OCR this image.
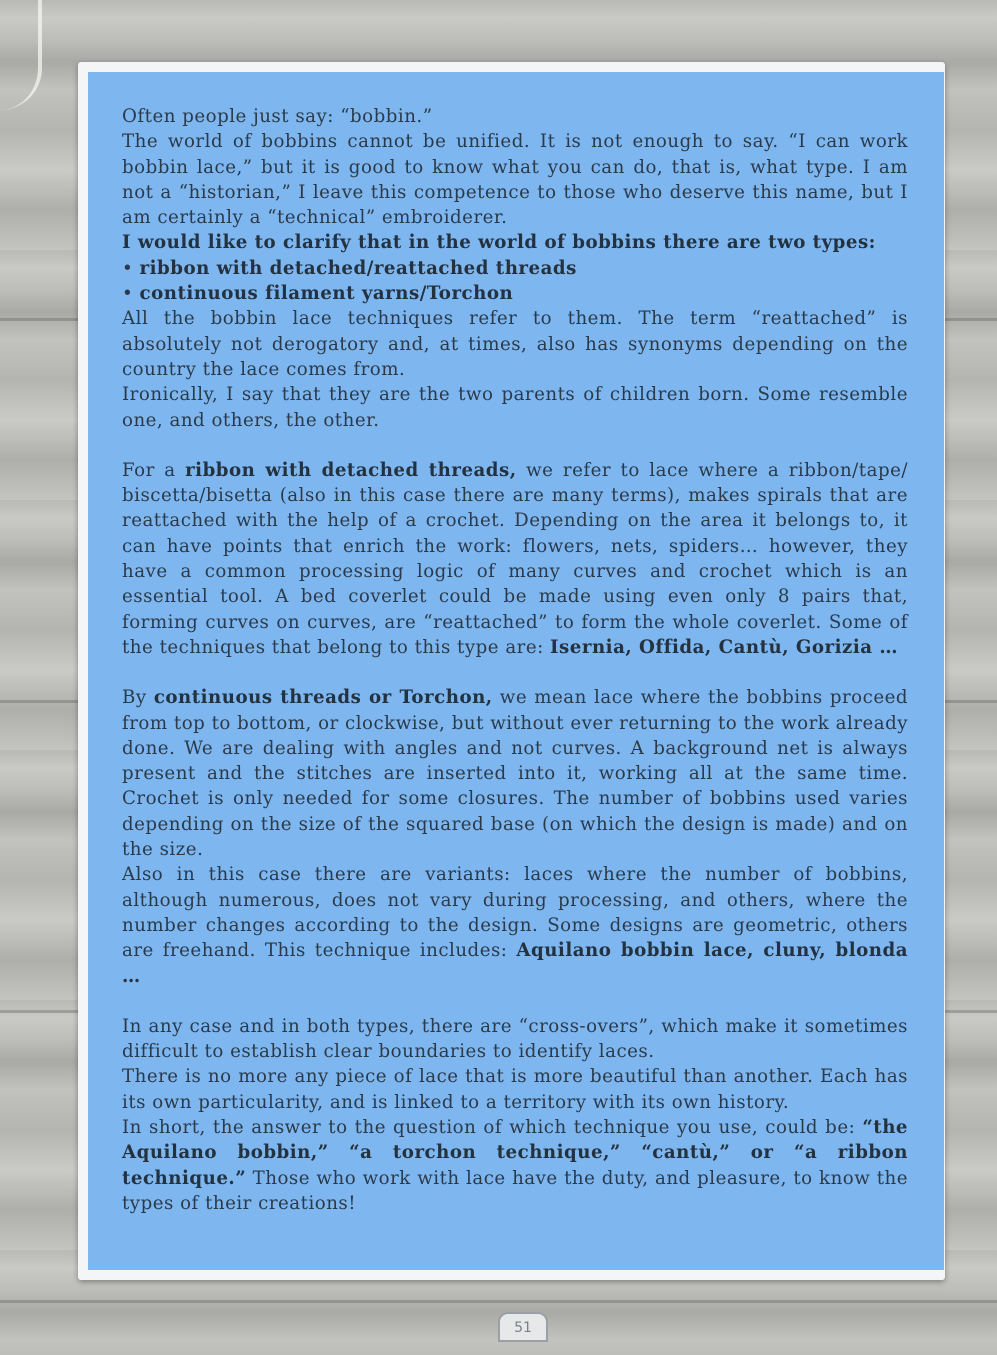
Often people just say: “bobbin.”

The world of bobbins cannot be unified. It is not enough to say. “I can work bobbin lace,” but it is good to know what you can do, that is, what type. I am not a “historian,” I leave this competence to those who deserve this name, but I am certainly a “technical” embroiderer.

I would like to clarify that in the world of bobbins there are two types:

• ribbon with detached/reattached threads

• continuous filament yarns/Torchon

All the bobbin lace techniques refer to them. The term “reattached” is absolutely not derogatory and, at times, also has synonyms depending on the country the lace comes from.

Ironically, I say that they are the two parents of children born. Some resemble one, and others, the other.

For a ribbon with detached threads, we refer to lace where a ribbon/tape/ biscetta/bisetta (also in this case there are many terms), makes spirals that are reattached with the help of a crochet. Depending on the area it belongs to, it can have points that enrich the work: flowers, nets, spiders… however, they have a common processing logic of many curves and crochet which is an essential tool. A bed coverlet could be made using even only 8 pairs that, forming curves on curves, are “reattached” to form the whole coverlet. Some of the techniques that belong to this type are: Isernia, Offida, Cantù, Gorizia …

By continuous threads or Torchon, we mean lace where the bobbins proceed from top to bottom, or clockwise, but without ever returning to the work already done. We are dealing with angles and not curves. A background net is always present and the stitches are inserted into it, working all at the same time. Crochet is only needed for some closures. The number of bobbins used varies depending on the size of the squared base (on which the design is made) and on the size.

Also in this case there are variants: laces where the number of bobbins, although numerous, does not vary during processing, and others, where the number changes according to the design. Some designs are geometric, others are freehand. This technique includes: Aquilano bobbin lace, cluny, blonda …

In any case and in both types, there are “cross-overs”, which make it sometimes difficult to establish clear boundaries to identify laces.

There is no more any piece of lace that is more beautiful than another. Each has its own particularity, and is linked to a territory with its own history.

In short, the answer to the question of which technique you use, could be: “the Aquilano bobbin,” “a torchon technique,” “cantù,” or “a ribbon technique.” Those who work with lace have the duty, and pleasure, to know the types of their creations!

51
